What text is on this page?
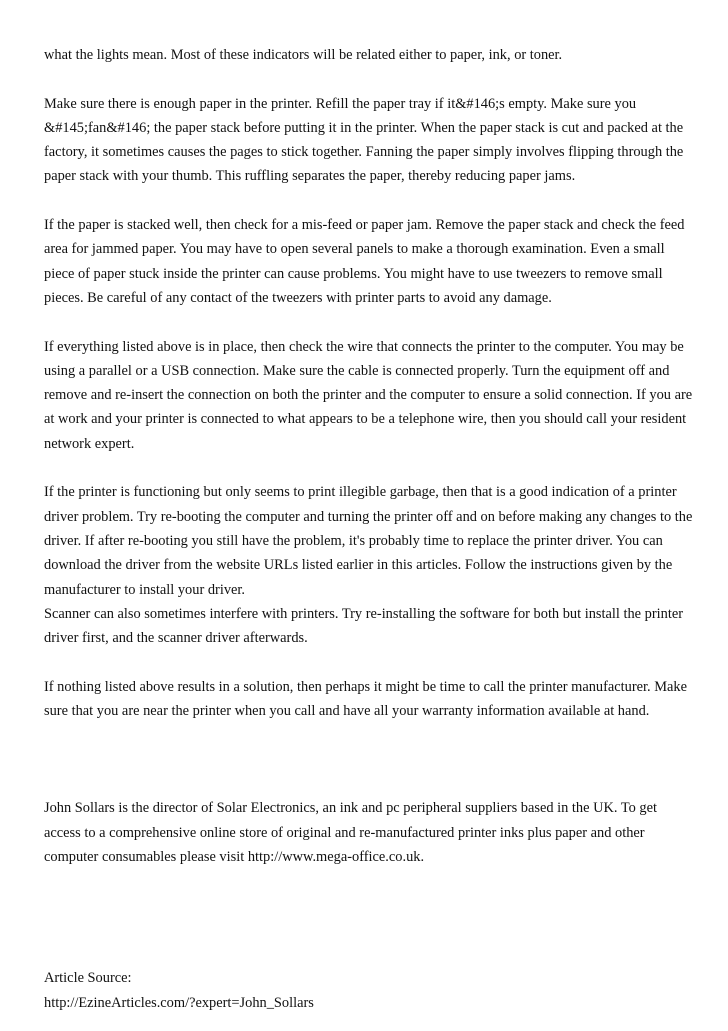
what the lights mean. Most of these indicators will be related either to paper, ink, or toner.

Make sure there is enough paper in the printer. Refill the paper tray if it&#146;s empty. Make sure you &#145;fan&#146; the paper stack before putting it in the printer. When the paper stack is cut and packed at the factory, it sometimes causes the pages to stick together. Fanning the paper simply involves flipping through the paper stack with your thumb. This ruffling separates the paper, thereby reducing paper jams.

If the paper is stacked well, then check for a mis-feed or paper jam. Remove the paper stack and check the feed area for jammed paper. You may have to open several panels to make a thorough examination. Even a small piece of paper stuck inside the printer can cause problems. You might have to use tweezers to remove small pieces. Be careful of any contact of the tweezers with printer parts to avoid any damage.

If everything listed above is in place, then check the wire that connects the printer to the computer. You may be using a parallel or a USB connection. Make sure the cable is connected properly. Turn the equipment off and remove and re-insert the connection on both the printer and the computer to ensure a solid connection. If you are at work and your printer is connected to what appears to be a telephone wire, then you should call your resident network expert.

If the printer is functioning but only seems to print illegible garbage, then that is a good indication of a printer driver problem. Try re-booting the computer and turning the printer off and on before making any changes to the driver. If after re-booting you still have the problem, it's probably time to replace the printer driver. You can download the driver from the website URLs listed earlier in this articles. Follow the instructions given by the manufacturer to install your driver.

Scanner can also sometimes interfere with printers. Try re-installing the software for both but install the printer driver first, and the scanner driver afterwards.

If nothing listed above results in a solution, then perhaps it might be time to call the printer manufacturer. Make sure that you are near the printer when you call and have all your warranty information available at hand.

John Sollars is the director of Solar Electronics, an ink and pc peripheral suppliers based in the UK. To get access to a comprehensive online store of original and re-manufactured printer inks plus paper and other computer consumables please visit http://www.mega-office.co.uk.

Article Source:
http://EzineArticles.com/?expert=John_Sollars
